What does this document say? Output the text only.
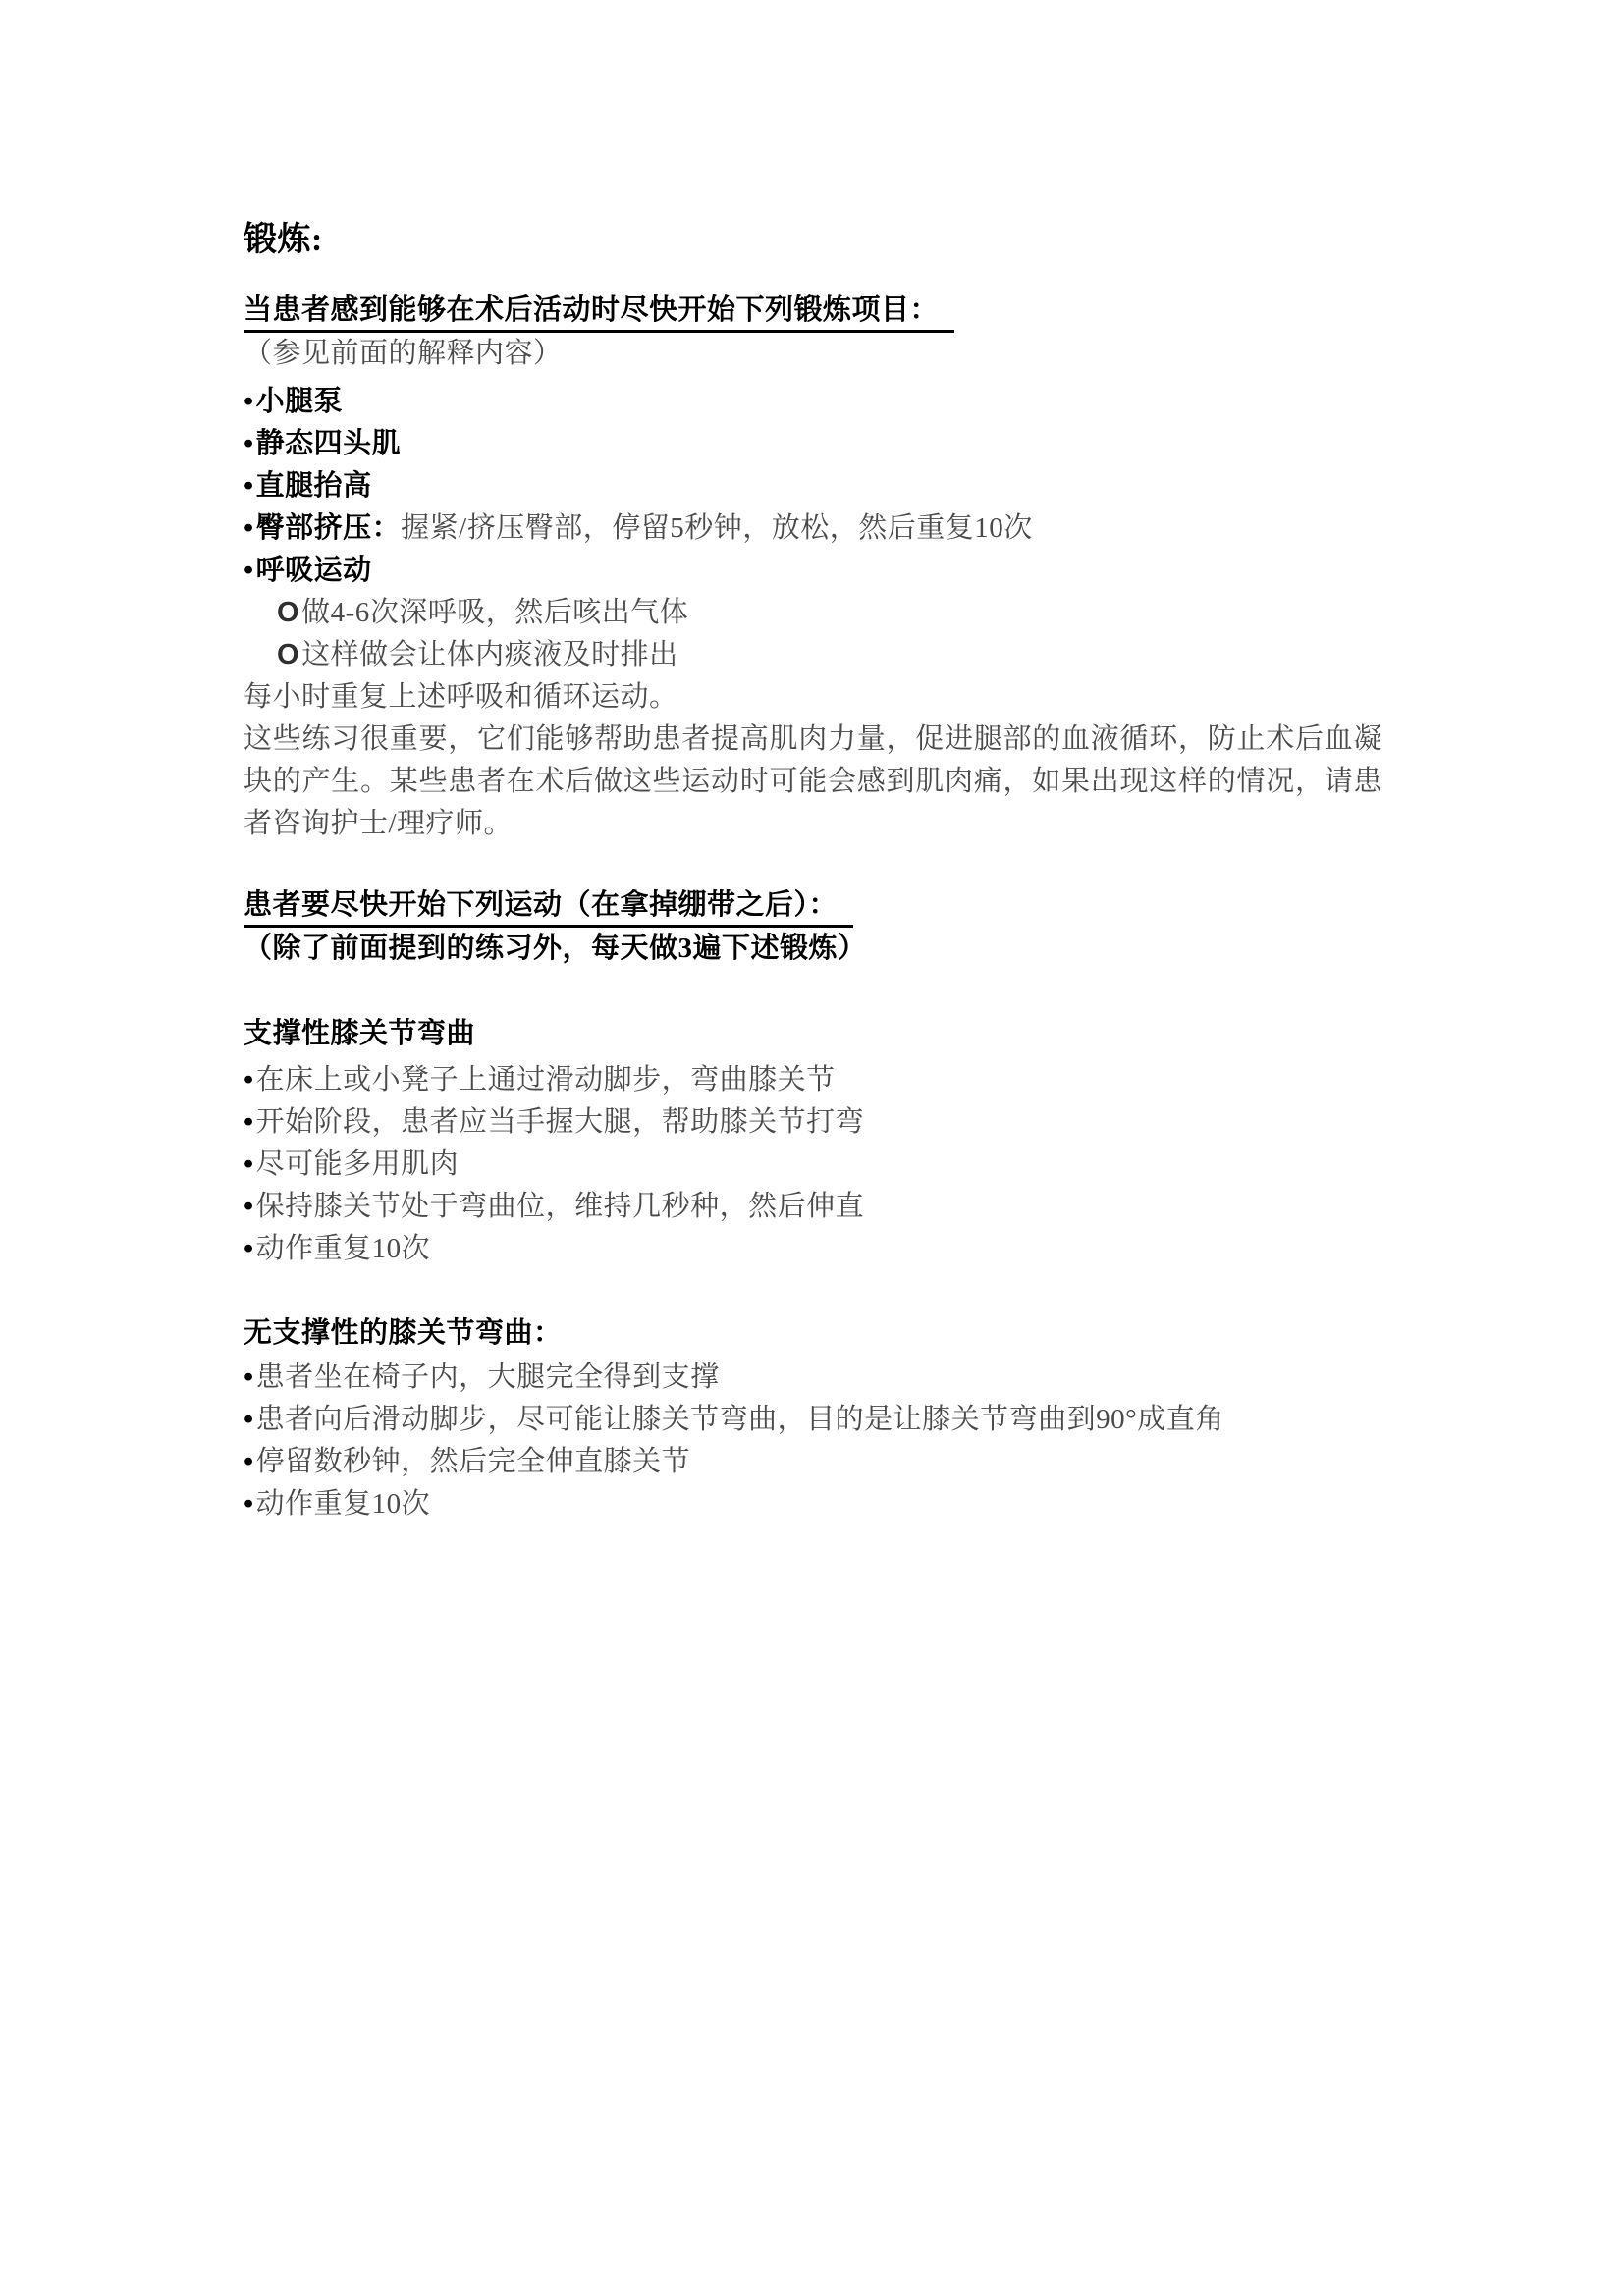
锻炼:
当患者感到能够在术后活动时尽快开始下列锻炼项目：
（参见前面的解释内容）
•小腿泵
•静态四头肌
•直腿抬高
•臀部挤压：握紧/挤压臀部，停留5秒钟，放松，然后重复10次
•呼吸运动
O做4-6次深呼吸，然后咳出气体
O这样做会让体内痰液及时排出
每小时重复上述呼吸和循环运动。
这些练习很重要，它们能够帮助患者提高肌肉力量，促进腿部的血液循环，防止术后血凝块的产生。某些患者在术后做这些运动时可能会感到肌肉痛，如果出现这样的情况，请患者咨询护士/理疗师。
患者要尽快开始下列运动（在拿掉绷带之后）：
（除了前面提到的练习外，每天做3遍下述锻炼）
支撑性膝关节弯曲
•在床上或小凳子上通过滑动脚步，弯曲膝关节
•开始阶段，患者应当手握大腿，帮助膝关节打弯
•尽可能多用肌肉
•保持膝关节处于弯曲位，维持几秒种，然后伸直
•动作重复10次
无支撑性的膝关节弯曲：
•患者坐在椅子内，大腿完全得到支撑
•患者向后滑动脚步，尽可能让膝关节弯曲，目的是让膝关节弯曲到90°成直角
•停留数秒钟，然后完全伸直膝关节
•动作重复10次
